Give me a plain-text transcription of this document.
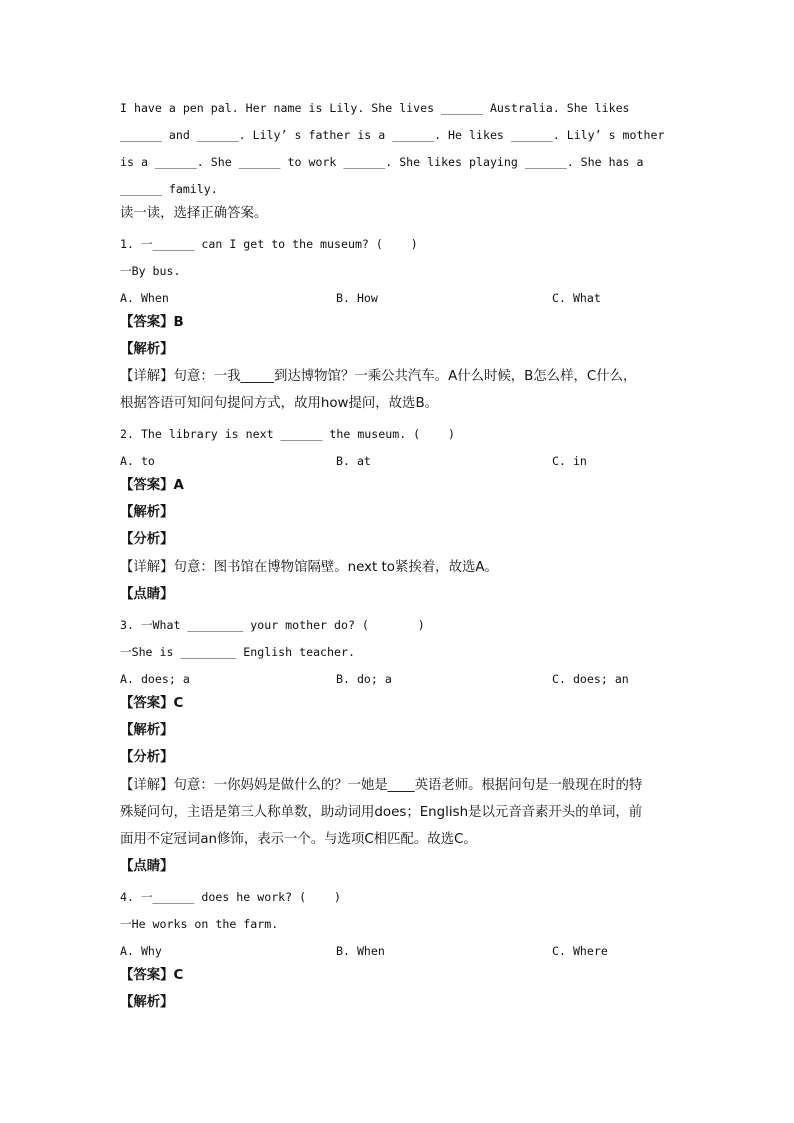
I have a pen pal. Her name is Lily. She lives ______ Australia. She likes
______ and ______. Lily’ s father is a ______. He likes ______. Lily’ s mother
is a ______. She ______ to work ______. She likes playing ______. She has a
______ family.
读一读，选择正确答案。
1. 一______ can I get to the museum? (    )
一By bus.
A. When	B. How	C. What
【答案】B
【解析】
【详解】句意：一我_____到达博物馆？一乘公共汽车。A什么时候，B怎么样，C什么，
根据答语可知问句提问方式，故用how提问，故选B。
2. The library is next ______ the museum. (    )
A. to	B. at	C. in
【答案】A
【解析】
【分析】
【详解】句意：图书馆在博物馆隔壁。next to紧挨着，故选A。
【点睛】
3. 一What ________ your mother do? (       )
一She is ________ English teacher.
A. does; a	B. do; a	C. does; an
【答案】C
【解析】
【分析】
【详解】句意：一你妈妈是做什么的？一她是____英语老师。根据问句是一般现在时的特
殊疑问句，主语是第三人称单数，助动词用does；English是以元音音素开头的单词，前
面用不定冠词an修饰，表示一个。与选项C相匹配。故选C。
【点睛】
4. 一______ does he work? (    )
一He works on the farm.
A. Why	B. When	C. Where
【答案】C
【解析】
